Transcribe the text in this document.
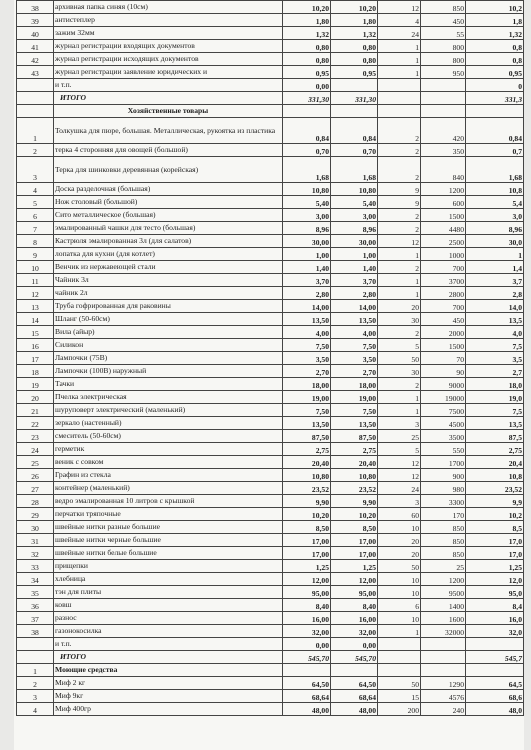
38	архивная папка синяя (10см)	10,20	10,20	12	850	10,2
39	антистеплер	1,80	1,80	4	450	1,8
40	зажим 32мм	1,32	1,32	24	55	1,32
41	журнал регистрации входящих документов	0,80	0,80	1	800	0,8
42	журнал регистрации исходящих документов	0,80	0,80	1	800	0,8
43	журнал регистрации заявление юридических и	0,95	0,95	1	950	0,95
	и т.п.	0,00				0
	ИТОГО	331,30	331,30			331,3
	Хозяйственные товары					
1	Толкушка для пюре, большая. Металлическая, рукоятка из пластика	0,84	0,84	2	420	0,84
2	терка 4 сторонняя для овощей (большой)	0,70	0,70	2	350	0,7
3	Терка для шинковки деревянная (корейская)	1,68	1,68	2	840	1,68
4	Доска разделочная (большая)	10,80	10,80	9	1200	10,8
5	Нож столовый (большой)	5,40	5,40	9	600	5,4
6	Сито металлическое (большая)	3,00	3,00	2	1500	3,0
7	эмалированный чашки для тесто (большая)	8,96	8,96	2	4480	8,96
8	Кастрюля эмалированная 3л (для салатов)	30,00	30,00	12	2500	30,0
9	лопатка для кухни (для котлет)	1,00	1,00	1	1000	1
10	Венчик из нержавеющей стали	1,40	1,40	2	700	1,4
11	Чайник 3л	3,70	3,70	1	3700	3,7
12	чайник 2л	2,80	2,80	1	2800	2,8
13	Труба гофрированная для раковины	14,00	14,00	20	700	14,0
14	Шланг (50-60см)	13,50	13,50	30	450	13,5
15	Вила (айыр)	4,00	4,00	2	2000	4,0
16	Силикон	7,50	7,50	5	1500	7,5
17	Лампочки (75В)	3,50	3,50	50	70	3,5
18	Лампочки (100В) наружный	2,70	2,70	30	90	2,7
19	Тачки	18,00	18,00	2	9000	18,0
20	Пчелка электрическая	19,00	19,00	1	19000	19,0
21	шуруповерт электрический (маленький)	7,50	7,50	1	7500	7,5
22	зеркало (настенный)	13,50	13,50	3	4500	13,5
23	смеситель (50-60см)	87,50	87,50	25	3500	87,5
24	герметик	2,75	2,75	5	550	2,75
25	веник с совком	20,40	20,40	12	1700	20,4
26	Графин из стекла	10,80	10,80	12	900	10,8
27	контейнер (маленький)	23,52	23,52	24	980	23,52
28	ведро эмалированная 10 литров с крышкой	9,90	9,90	3	3300	9,9
29	перчатки тряпочные	10,20	10,20	60	170	10,2
30	швейные нитки разные большие	8,50	8,50	10	850	8,5
31	швейные нитки черные большие	17,00	17,00	20	850	17,0
32	швейные нитки белые большие	17,00	17,00	20	850	17,0
33	прищепки	1,25	1,25	50	25	1,25
34	хлебница	12,00	12,00	10	1200	12,0
35	тэн для плиты	95,00	95,00	10	9500	95,0
36	ковш	8,40	8,40	6	1400	8,4
37	разнос	16,00	16,00	10	1600	16,0
38	газонокосилка	32,00	32,00	1	32000	32,0
	и т.п.	0,00	0,00			
	ИТОГО	545,70	545,70			545,7
1	Моющие средства					
2	Миф 2 кг	64,50	64,50	50	1290	64,5
3	Миф 9кг	68,64	68,64	15	4576	68,6
4	Миф 400гр	48,00	48,00	200	240	48,0
